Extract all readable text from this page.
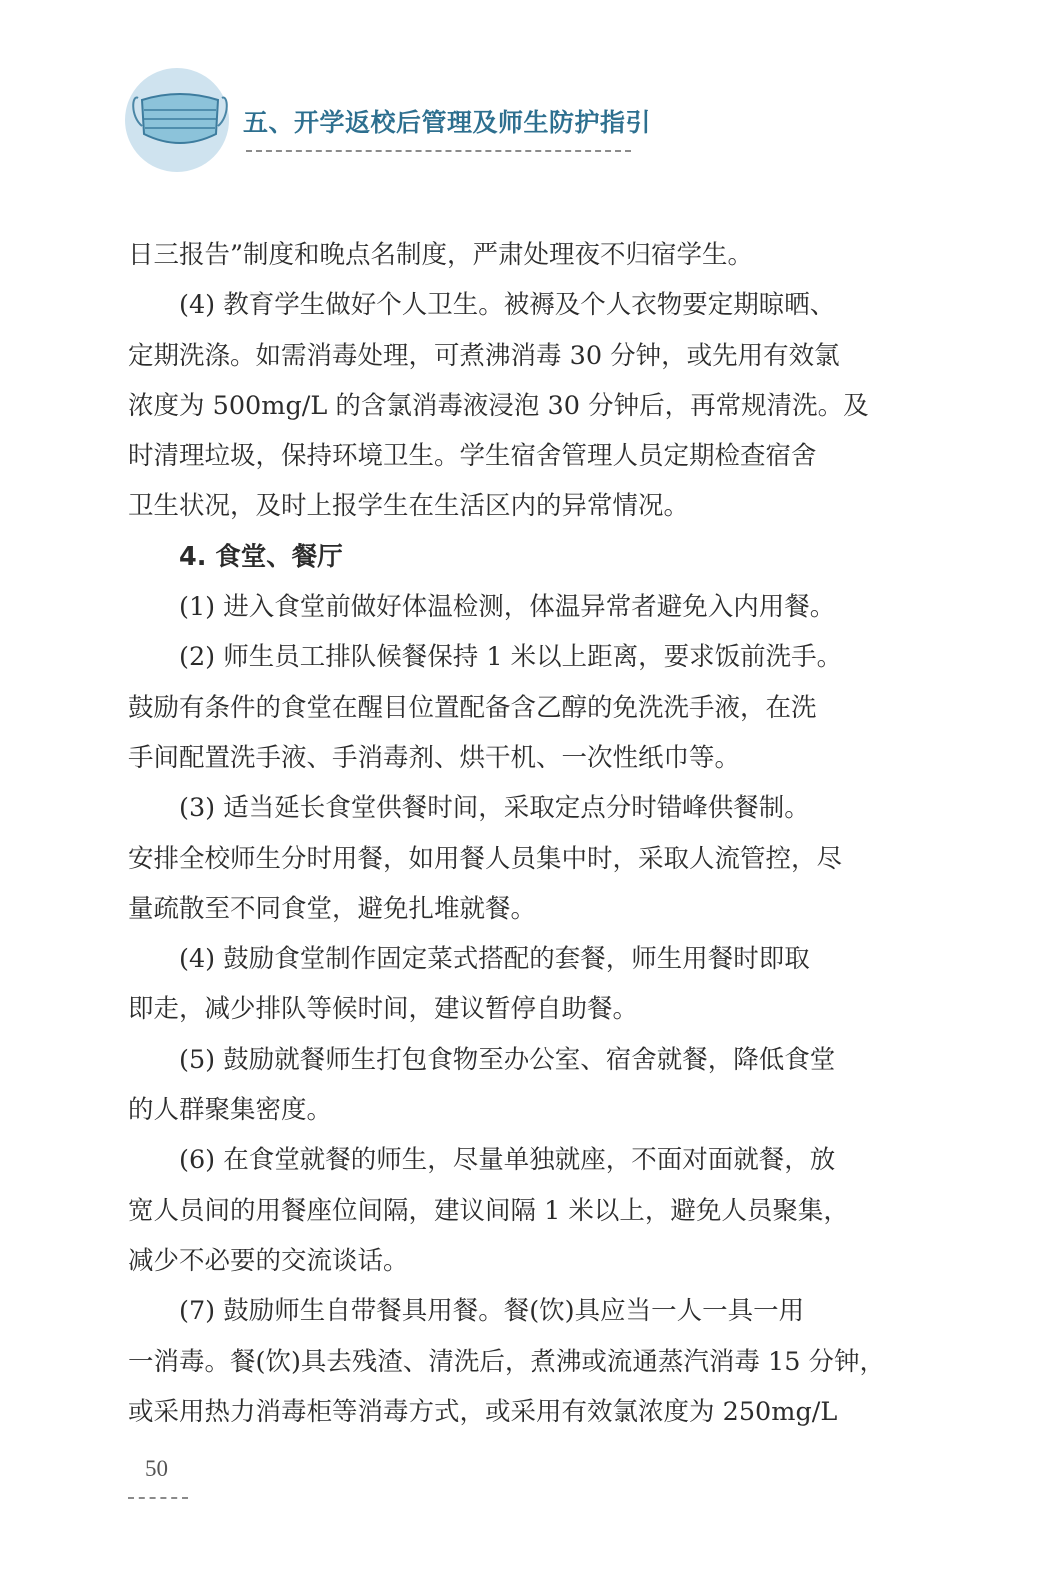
五、开学返校后管理及师生防护指引
日三报告”制度和晚点名制度，严肃处理夜不归宿学生。
(4) 教育学生做好个人卫生。被褥及个人衣物要定期晾晒、
定期洗涤。如需消毒处理，可煮沸消毒 30 分钟，或先用有效氯
浓度为 500mg/L 的含氯消毒液浸泡 30 分钟后，再常规清洗。及
时清理垃圾，保持环境卫生。学生宿舍管理人员定期检查宿舍
卫生状况，及时上报学生在生活区内的异常情况。
4. 食堂、餐厅
(1) 进入食堂前做好体温检测，体温异常者避免入内用餐。
(2) 师生员工排队候餐保持 1 米以上距离，要求饭前洗手。
鼓励有条件的食堂在醒目位置配备含乙醇的免洗洗手液，在洗
手间配置洗手液、手消毒剂、烘干机、一次性纸巾等。
(3) 适当延长食堂供餐时间，采取定点分时错峰供餐制。
安排全校师生分时用餐，如用餐人员集中时，采取人流管控，尽
量疏散至不同食堂，避免扎堆就餐。
(4) 鼓励食堂制作固定菜式搭配的套餐，师生用餐时即取
即走，减少排队等候时间，建议暂停自助餐。
(5) 鼓励就餐师生打包食物至办公室、宿舍就餐，降低食堂
的人群聚集密度。
(6) 在食堂就餐的师生，尽量单独就座，不面对面就餐，放
宽人员间的用餐座位间隔，建议间隔 1 米以上，避免人员聚集，
减少不必要的交流谈话。
(7) 鼓励师生自带餐具用餐。餐(饮)具应当一人一具一用
一消毒。餐(饮)具去残渣、清洗后，煮沸或流通蒸汽消毒 15 分钟，
或采用热力消毒柜等消毒方式，或采用有效氯浓度为 250mg/L
50
